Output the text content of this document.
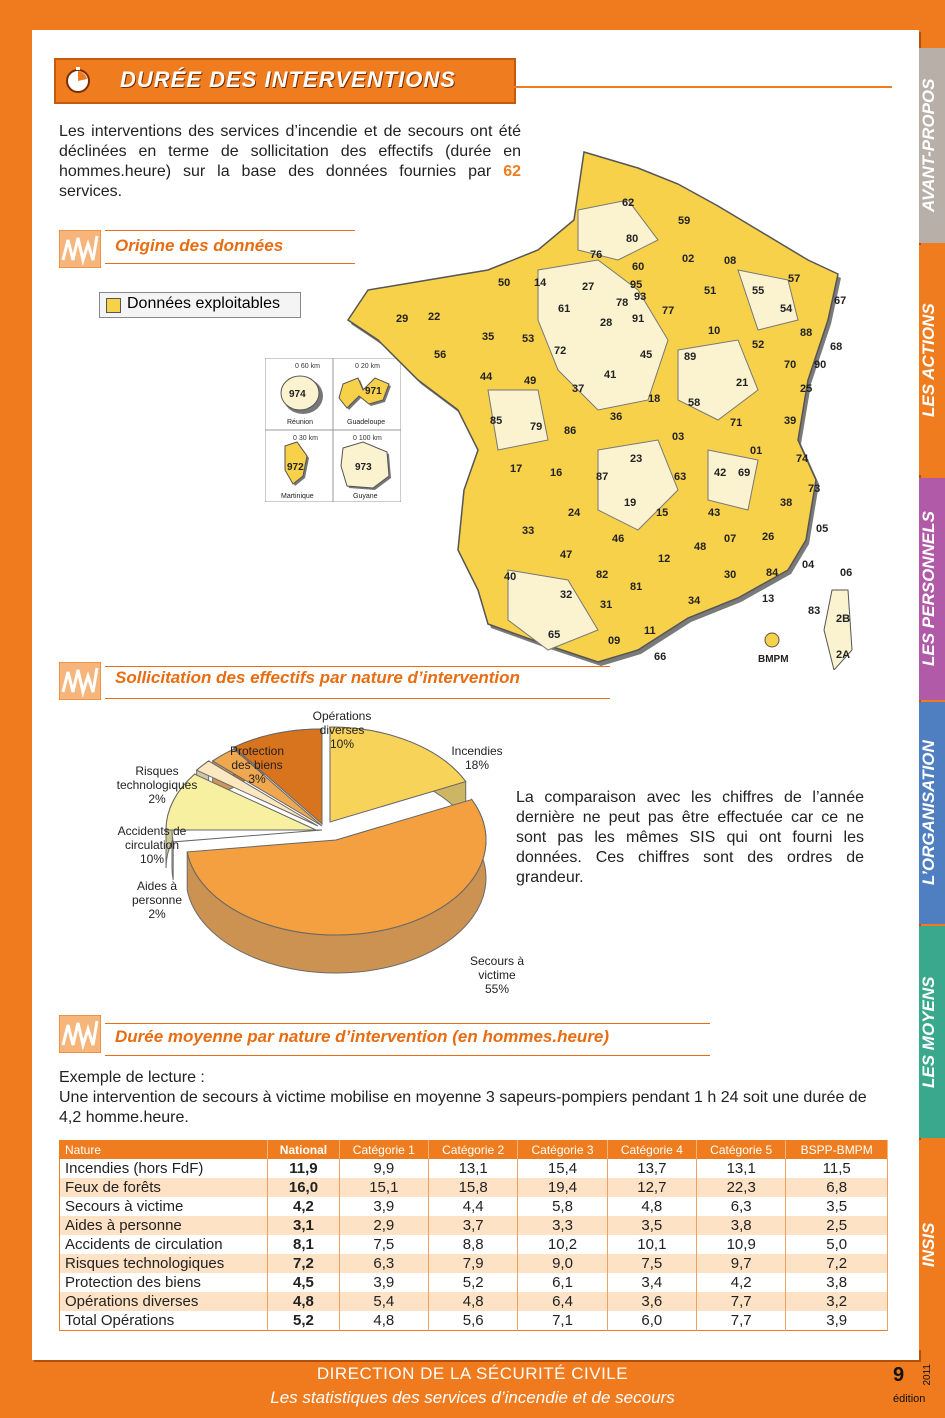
DURÉE DES INTERVENTIONS
Les interventions des services d’incendie et de secours ont été déclinées en terme de sollicitation des effectifs (durée en hommes.heure) sur la base des données fournies par 62 services.
Origine des données
Données exploitables
0 60 km
974
Réunion
0 20 km
971
Guadeloupe
0 30 km
972
Martinique
0 100 km
973
Guyane
BMPM
62
59
80
76	02	08
60
50 14	27	95
78 93
91
77
51	55
57
54
67
61
28
10
52
88
68
29 22
35	53
72	45	89
70 90
56
44	49	41
37
18	58
21	25
39
85	79 86
36	71
03
01
74
17	16	87
23
63	42 69
73
19
15	43
38
05
24
46
48
07 26
04
06
33
47
82
12
30	84
13
83
40
32
81
34
31
65	09
11
66
2B
2A
Sollicitation des effectifs par nature d’intervention
Incendies
18%
Secours à
victime
55%
Aides à
personne
2%
Accidents de
circulation
10%
Risques
technologiques
2%
Protection
des biens
3%
Opérations
diverses
10%
La comparaison avec les chiffres de l’année dernière ne peut pas être effectuée car ce ne sont pas les mêmes SIS qui ont fourni les données. Ces chiffres sont des ordres de grandeur.
Durée moyenne par nature d’intervention (en hommes.heure)
Exemple de lecture :
Une intervention de secours à victime mobilise en moyenne 3 sapeurs-pompiers pendant 1 h 24 soit une durée de 4,2 homme.heure.
Nature	National	Catégorie 1	Catégorie 2	Catégorie 3	Catégorie 4	Catégorie 5	BSPP-BMPM
Incendies (hors FdF)	11,9	9,9	13,1	15,4	13,7	13,1	11,5
Feux de forêts	16,0	15,1	15,8	19,4	12,7	22,3	6,8
Secours à victime	4,2	3,9	4,4	5,8	4,8	6,3	3,5
Aides à personne	3,1	2,9	3,7	3,3	3,5	3,8	2,5
Accidents de circulation	8,1	7,5	8,8	10,2	10,1	10,9	5,0
Risques technologiques	7,2	6,3	7,9	9,0	7,5	9,7	7,2
Protection des biens	4,5	3,9	5,2	6,1	3,4	4,2	3,8
Opérations diverses	4,8	5,4	4,8	6,4	3,6	7,7	3,2
Total Opérations	5,2	4,8	5,6	7,1	6,0	7,7	3,9
AVANT-PROPOS
LES ACTIONS
LES PERSONNELS
L’ORGANISATION
LES MOYENS
INSIS
DIRECTION DE LA SÉCURITÉ CIVILE
Les statistiques des services d’incendie et de secours
9
édition
2011
